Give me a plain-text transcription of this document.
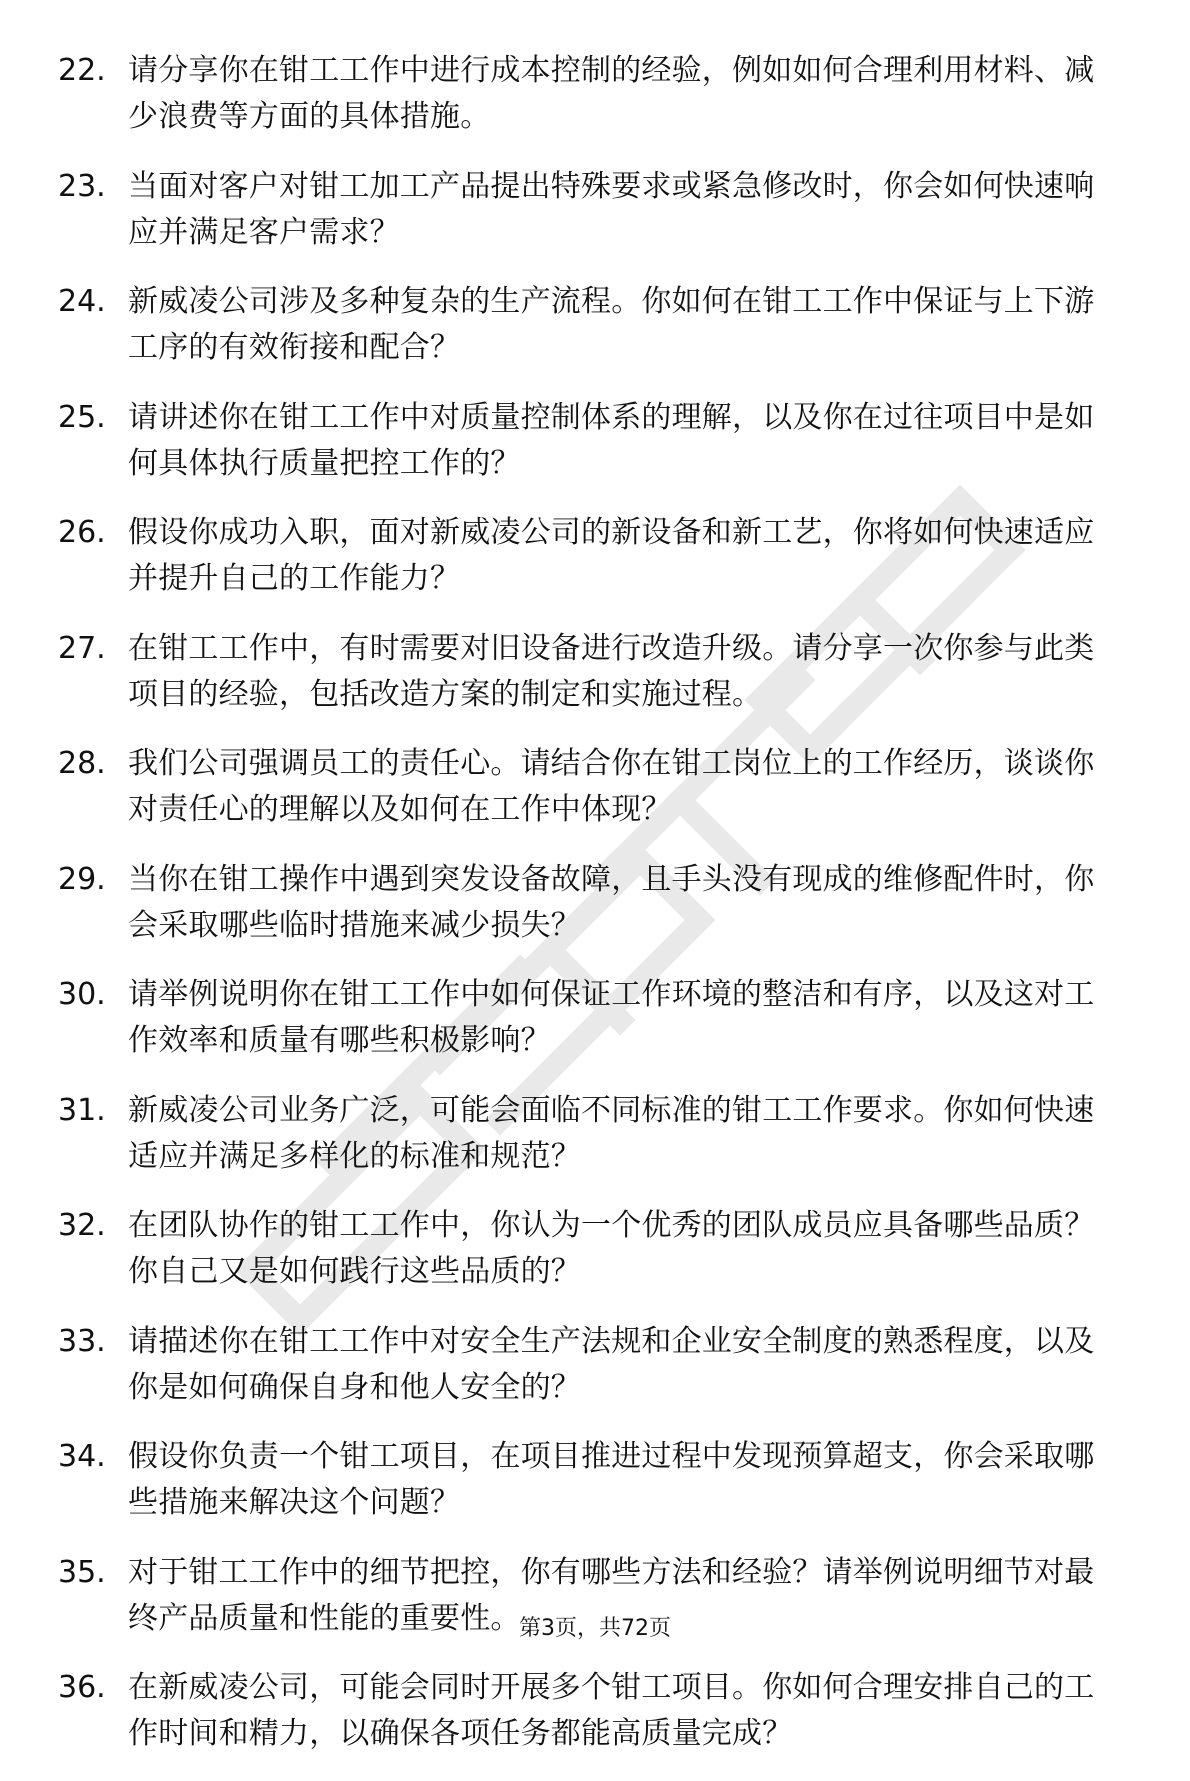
22. 请分享你在钳工工作中进行成本控制的经验，例如如何合理利用材料、减少浪费等方面的具体措施。
23. 当面对客户对钳工加工产品提出特殊要求或紧急修改时，你会如何快速响应并满足客户需求？
24. 新威凌公司涉及多种复杂的生产流程。你如何在钳工工作中保证与上下游工序的有效衔接和配合？
25. 请讲述你在钳工工作中对质量控制体系的理解，以及你在过往项目中是如何具体执行质量把控工作的？
26. 假设你成功入职，面对新威凌公司的新设备和新工艺，你将如何快速适应并提升自己的工作能力？
27. 在钳工工作中，有时需要对旧设备进行改造升级。请分享一次你参与此类项目的经验，包括改造方案的制定和实施过程。
28. 我们公司强调员工的责任心。请结合你在钳工岗位上的工作经历，谈谈你对责任心的理解以及如何在工作中体现？
29. 当你在钳工操作中遇到突发设备故障，且手头没有现成的维修配件时，你会采取哪些临时措施来减少损失？
30. 请举例说明你在钳工工作中如何保证工作环境的整洁和有序，以及这对工作效率和质量有哪些积极影响？
31. 新威凌公司业务广泛，可能会面临不同标准的钳工工作要求。你如何快速适应并满足多样化的标准和规范？
32. 在团队协作的钳工工作中，你认为一个优秀的团队成员应具备哪些品质？你自己又是如何践行这些品质的？
33. 请描述你在钳工工作中对安全生产法规和企业安全制度的熟悉程度，以及你是如何确保自身和他人安全的？
34. 假设你负责一个钳工项目，在项目推进过程中发现预算超支，你会采取哪些措施来解决这个问题？
35. 对于钳工工作中的细节把控，你有哪些方法和经验？请举例说明细节对最终产品质量和性能的重要性。
36. 在新威凌公司，可能会同时开展多个钳工项目。你如何合理安排自己的工作时间和精力，以确保各项任务都能高质量完成？
第3页，共72页
